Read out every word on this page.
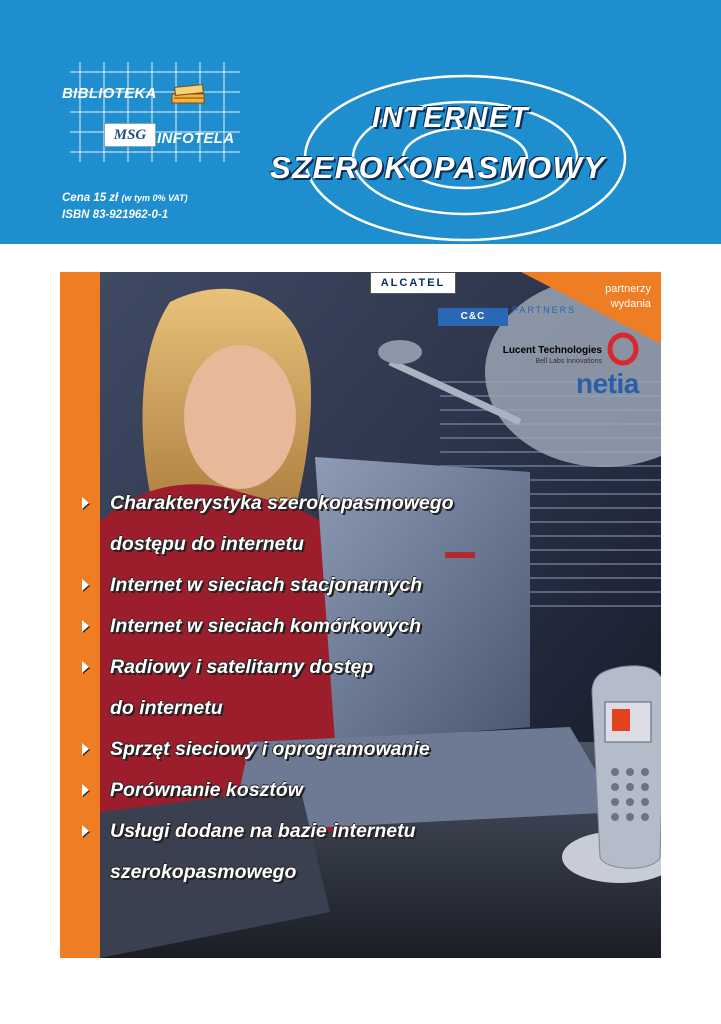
BIBLIOTEKA
MSG INFOTELA
Cena 15 zł (w tym 0% VAT)
ISBN 83-921962-0-1
INTERNET
SZEROKOPASMOWY
partnerzy
wydania
ALCATEL
C&C
PARTNERS
Lucent Technologies
Bell Labs Innovations
netia
Charakterystyka szerokopasmowego
dostępu do internetu
Internet w sieciach stacjonarnych
Internet w sieciach komórkowych
Radiowy i satelitarny dostęp
do internetu
Sprzęt sieciowy i oprogramowanie
Porównanie kosztów
Usługi dodane na bazie internetu
szerokopasmowego
